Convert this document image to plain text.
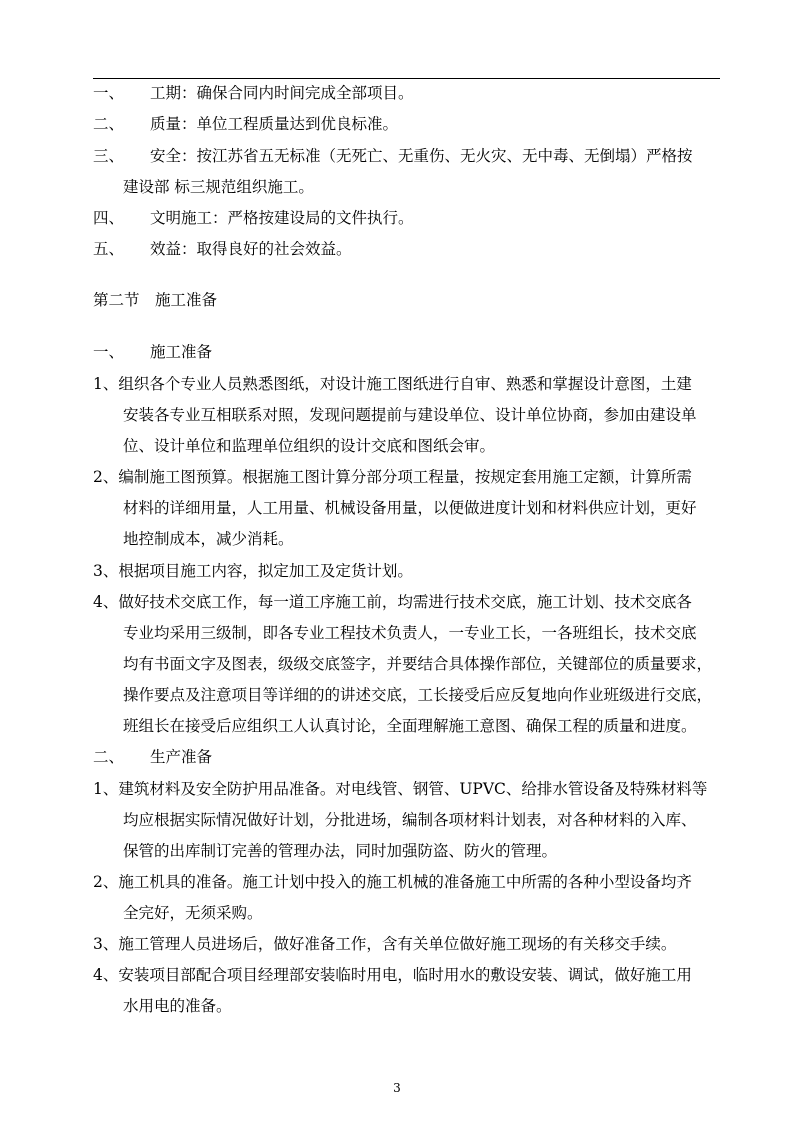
一、 工期：确保合同内时间完成全部项目。
二、 质量：单位工程质量达到优良标准。
三、 安全：按江苏省五无标准（无死亡、无重伤、无火灾、无中毒、无倒塌）严格按
建设部 标三规范组织施工。
四、 文明施工：严格按建设局的文件执行。
五、 效益：取得良好的社会效益。
第二节　施工准备
一、 施工准备
1、组织各个专业人员熟悉图纸，对设计施工图纸进行自审、熟悉和掌握设计意图，土建
安装各专业互相联系对照，发现问题提前与建设单位、设计单位协商，参加由建设单
位、设计单位和监理单位组织的设计交底和图纸会审。
2、编制施工图预算。根据施工图计算分部分项工程量，按规定套用施工定额，计算所需
材料的详细用量，人工用量、机械设备用量，以便做进度计划和材料供应计划，更好
地控制成本，减少消耗。
3、根据项目施工内容，拟定加工及定货计划。
4、做好技术交底工作，每一道工序施工前，均需进行技术交底，施工计划、技术交底各
专业均采用三级制，即各专业工程技术负责人，一专业工长，一各班组长，技术交底
均有书面文字及图表，级级交底签字，并要结合具体操作部位，关键部位的质量要求，
操作要点及注意项目等详细的的讲述交底，工长接受后应反复地向作业班级进行交底，
班组长在接受后应组织工人认真讨论，全面理解施工意图、确保工程的质量和进度。
二、 生产准备
1、建筑材料及安全防护用品准备。对电线管、钢管、UPVC、给排水管设备及特殊材料等
均应根据实际情况做好计划，分批进场，编制各项材料计划表，对各种材料的入库、
保管的出库制订完善的管理办法，同时加强防盗、防火的管理。
2、施工机具的准备。施工计划中投入的施工机械的准备施工中所需的各种小型设备均齐
全完好，无须采购。
3、施工管理人员进场后，做好准备工作，含有关单位做好施工现场的有关移交手续。
4、安装项目部配合项目经理部安装临时用电，临时用水的敷设安装、调试，做好施工用
水用电的准备。
3
